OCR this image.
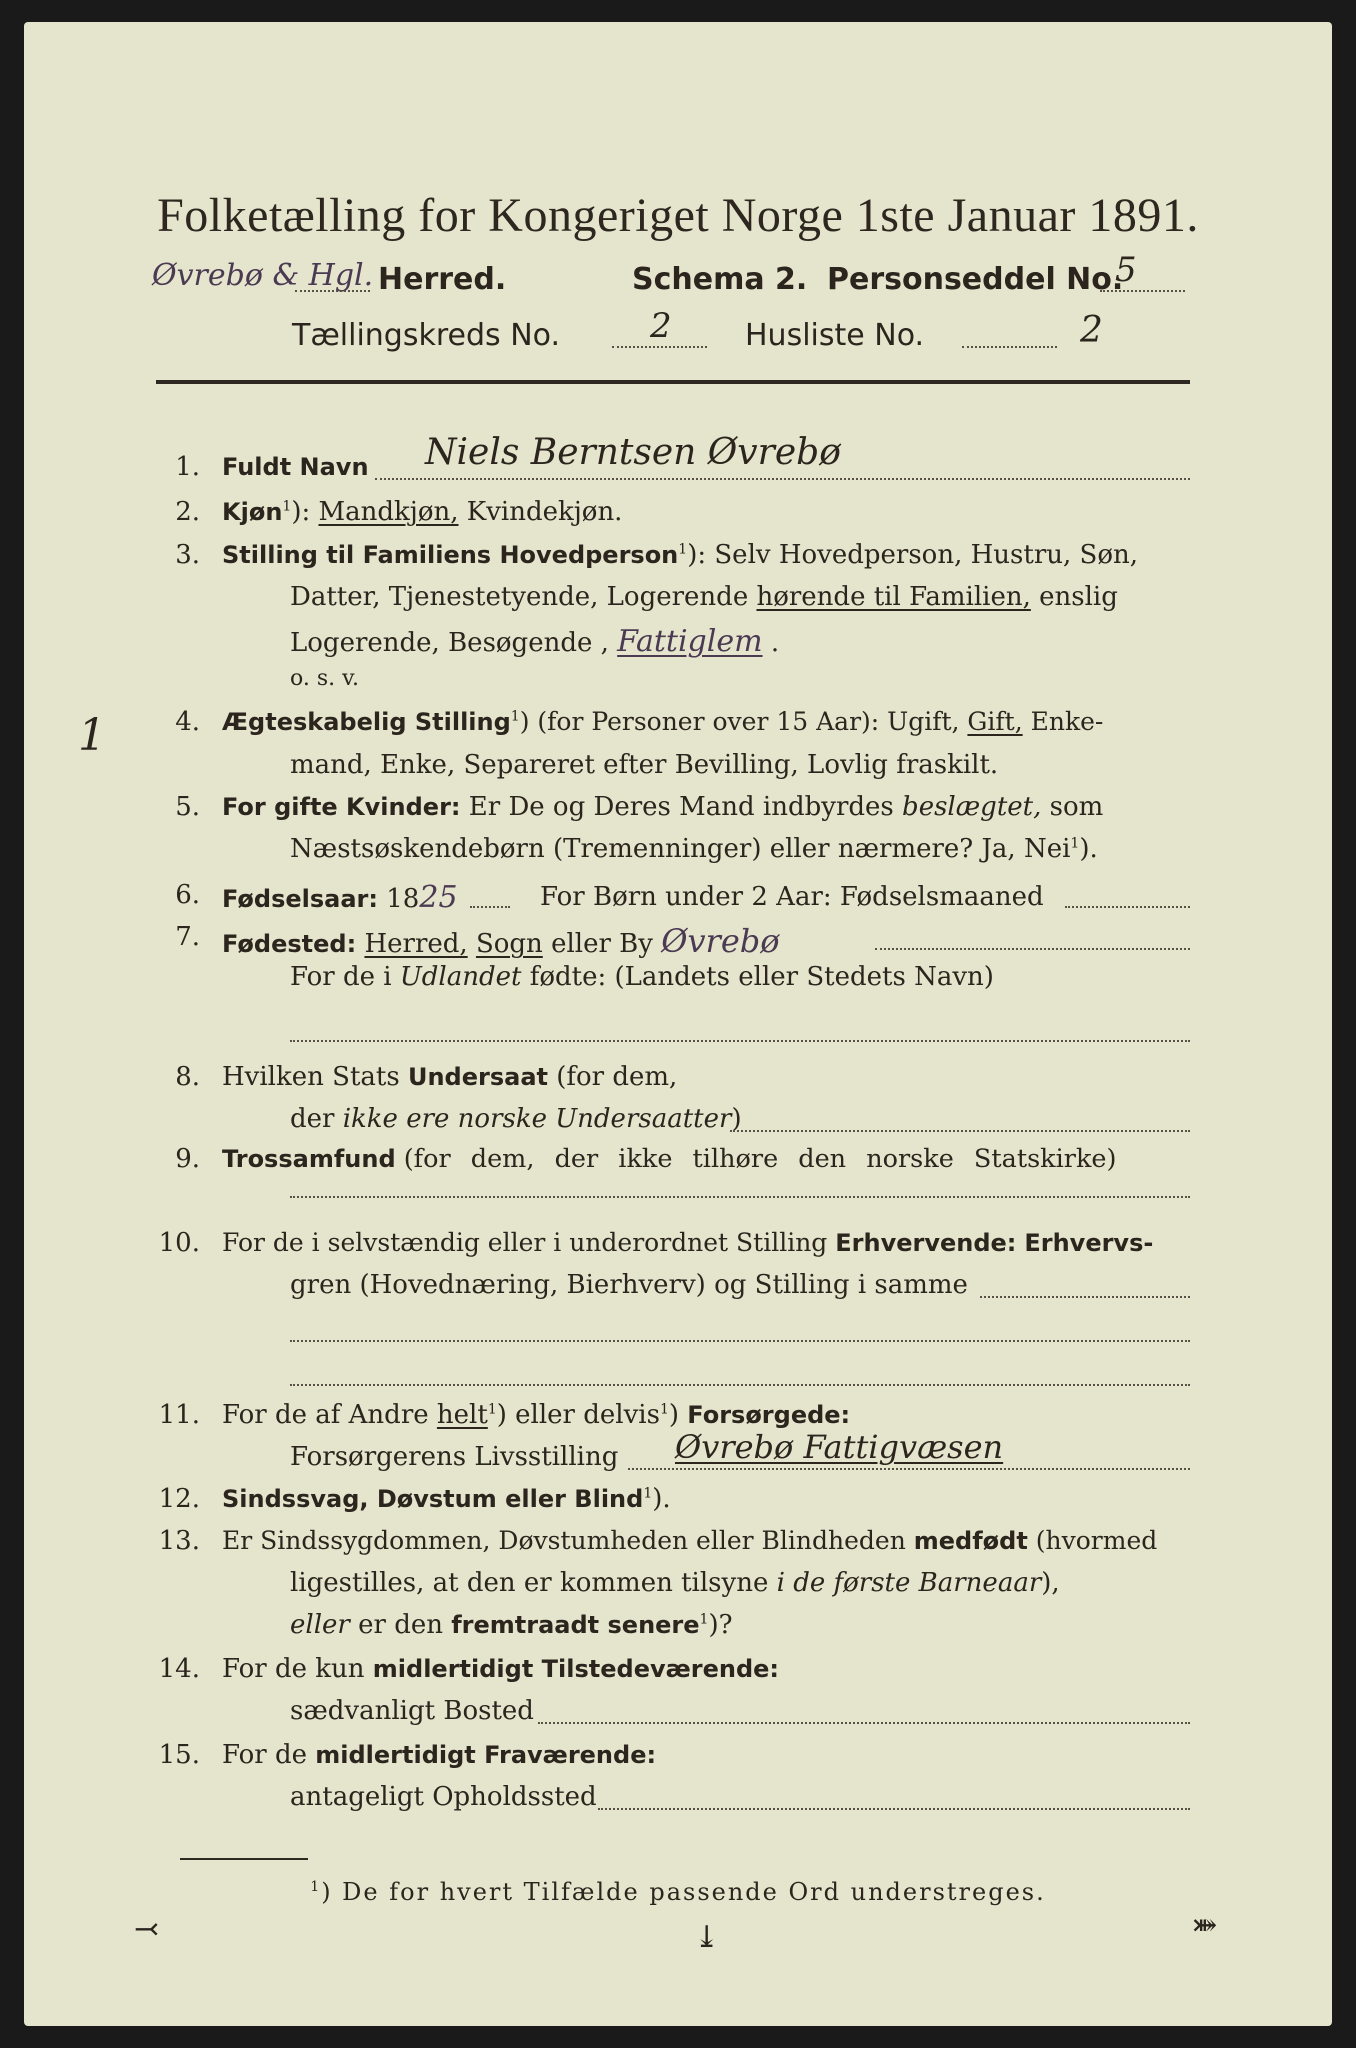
Folketælling for Kongeriget Norge 1ste Januar 1891.
Øvrebø & Hgl. Herred.	Schema 2. Personseddel No.
5
Tællingskreds No.	2 Husliste No.	2
1
1. Fuldt Navn Niels Berntsen Øvrebø
2. Kjøn$^1$): Mandkjøn, Kvindekjøn.
3. Stilling til Familiens Hovedperson$^1$): Selv Hovedperson, Hustru, Søn,
Datter, Tjenestetyende, Logerende hørende til Familien, enslig
Logerende, Besøgende , Fattiglem .
o. s. v.
4. Ægteskabelig Stilling$^1$) (for Personer over 15 Aar): Ugift, Gift, Enke-
mand, Enke, Separeret efter Bevilling, Lovlig fraskilt.
5. For gifte Kvinder: Er De og Deres Mand indbyrdes beslægtet, som
Næstsøskendebørn (Tremenninger) eller nærmere? Ja, Nei$^1$).
6. Fødselsaar: 1825	For Børn under 2 Aar: Fødselsmaaned
7. Fødested: Herred, Sogn eller By Øvrebø
For de i Udlandet fødte: (Landets eller Stedets Navn)
8. Hvilken Stats Undersaat (for dem,
der ikke ere norske Undersaatter)
9. Trossamfund (for dem, der ikke tilhøre den norske Statskirke)
10. For de i selvstændig eller i underordnet Stilling Erhvervende: Erhvervs-
gren (Hovednæring, Bierhverv) og Stilling i samme
11. For de af Andre helt$^1$) eller delvis$^1$) Forsørgede:
Forsørgerens Livsstilling Øvrebø Fattigvæsen
12. Sindssvag, Døvstum eller Blind$^1$).
13. Er Sindssygdommen, Døvstumheden eller Blindheden medfødt (hvormed
ligestilles, at den er kommen tilsyne i de første Barneaar),
eller er den fremtraadt senere$^1$)?
14. For de kun midlertidigt Tilstedeværende:
sædvanligt Bosted
15. For de midlertidigt Fraværende:
antageligt Opholdssted
$^1$) De for hvert Tilfælde passende Ord understreges.
⤙	⤓	⤘
